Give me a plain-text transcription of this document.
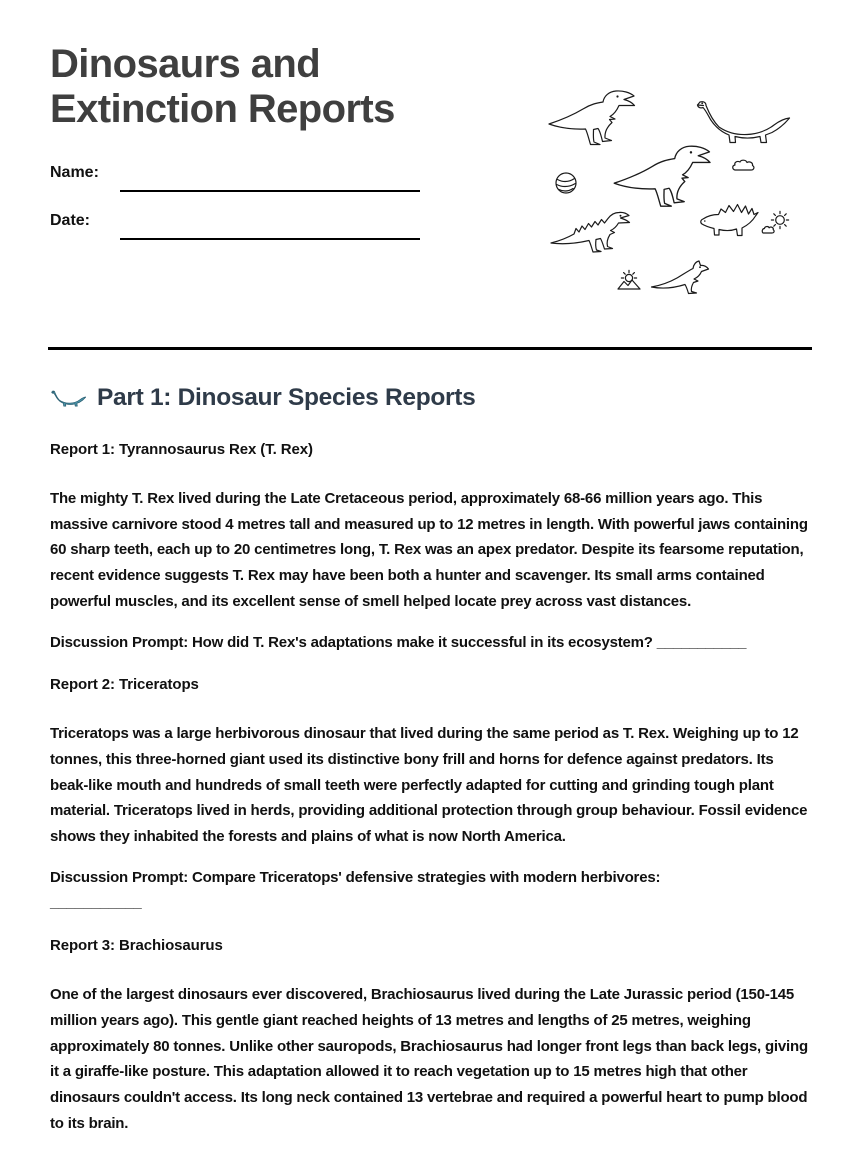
Dinosaurs and Extinction Reports
Name:
Date:
Part 1: Dinosaur Species Reports

Report 1: Tyrannosaurus Rex (T. Rex)

The mighty T. Rex lived during the Late Cretaceous period, approximately 68-66 million years ago. This massive carnivore stood 4 metres tall and measured up to 12 metres in length. With powerful jaws containing 60 sharp teeth, each up to 20 centimetres long, T. Rex was an apex predator. Despite its fearsome reputation, recent evidence suggests T. Rex may have been both a hunter and scavenger. Its small arms contained powerful muscles, and its excellent sense of smell helped locate prey across vast distances.

Discussion Prompt: How did T. Rex's adaptations make it successful in its ecosystem? ___________

Report 2: Triceratops

Triceratops was a large herbivorous dinosaur that lived during the same period as T. Rex. Weighing up to 12 tonnes, this three-horned giant used its distinctive bony frill and horns for defence against predators. Its beak-like mouth and hundreds of small teeth were perfectly adapted for cutting and grinding tough plant material. Triceratops lived in herds, providing additional protection through group behaviour. Fossil evidence shows they inhabited the forests and plains of what is now North America.

Discussion Prompt: Compare Triceratops' defensive strategies with modern herbivores:

___________

Report 3: Brachiosaurus

One of the largest dinosaurs ever discovered, Brachiosaurus lived during the Late Jurassic period (150-145 million years ago). This gentle giant reached heights of 13 metres and lengths of 25 metres, weighing approximately 80 tonnes. Unlike other sauropods, Brachiosaurus had longer front legs than back legs, giving it a giraffe-like posture. This adaptation allowed it to reach vegetation up to 15 metres high that other dinosaurs couldn't access. Its long neck contained 13 vertebrae and required a powerful heart to pump blood to its brain.
